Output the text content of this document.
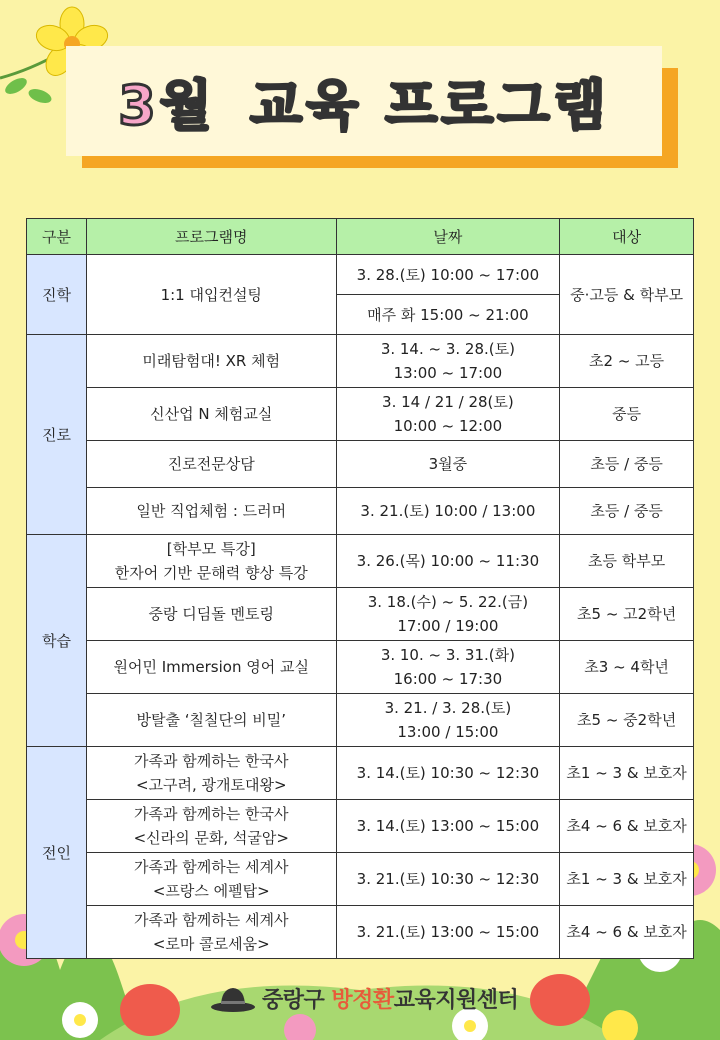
3월 교육 프로그램
구분	프로그램명	날짜	대상
진학	1:1 대입컨설팅	3. 28.(토) 10:00 ~ 17:00	중·고등 & 학부모

		매주 화 15:00 ~ 21:00	

진로	미래탐험대! XR 체험	3. 14. ~ 3. 28.(토)
13:00 ~ 17:00	초2 ~ 고등

	신산업 N 체험교실	3. 14 / 21 / 28(토)
10:00 ~ 12:00	중등

	진로전문상담	3월중	초등 / 중등

	일반 직업체험 : 드러머	3. 21.(토) 10:00 / 13:00	초등 / 중등
학습	[학부모 특강]
한자어 기반 문해력 향상 특강	3. 26.(목) 10:00 ~ 11:30	초등 학부모

	중랑 디딤돌 멘토링	3. 18.(수) ~ 5. 22.(금)
17:00 / 19:00	초5 ~ 고2학년

	원어민 Immersion 영어 교실	3. 10. ~ 3. 31.(화)
16:00 ~ 17:30	초3 ~ 4학년

	방탈출 ‘칠칠단의 비밀’	3. 21. / 3. 28.(토)
13:00 / 15:00	초5 ~ 중2학년
전인	가족과 함께하는 한국사
<고구려, 광개토대왕>	3. 14.(토) 10:30 ~ 12:30	초1 ~ 3 & 보호자

	가족과 함께하는 한국사
<신라의 문화, 석굴암>	3. 14.(토) 13:00 ~ 15:00	초4 ~ 6 & 보호자

	가족과 함께하는 세계사
<프랑스 에펠탑>	3. 21.(토) 10:30 ~ 12:30	초1 ~ 3 & 보호자

	가족과 함께하는 세계사
<로마 콜로세움>	3. 21.(토) 13:00 ~ 15:00	초4 ~ 6 & 보호자
중랑구 방정환교육지원센터
